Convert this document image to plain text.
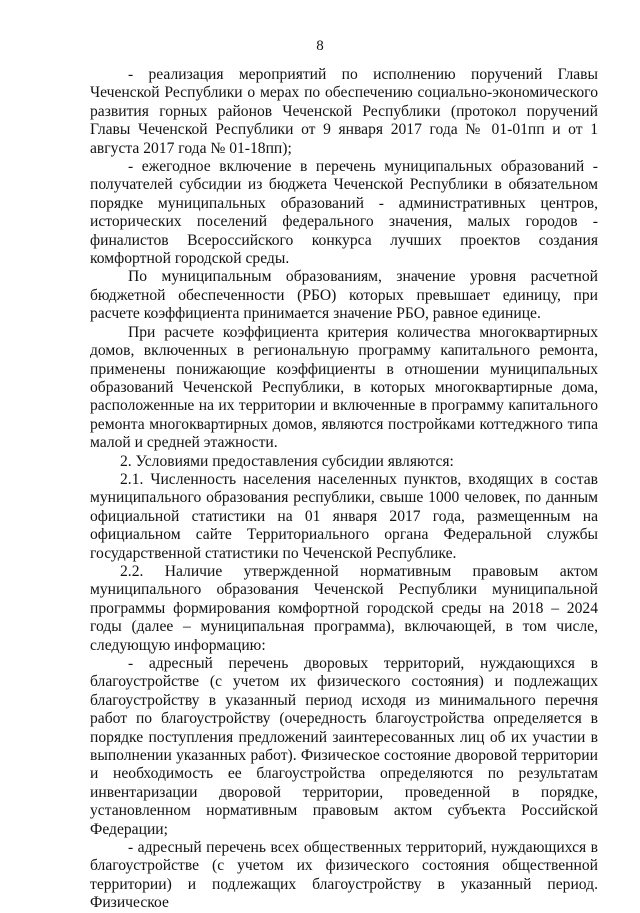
8

- реализация мероприятий по исполнению поручений Главы Чеченской Республики о мерах по обеспечению социально-экономического развития горных районов Чеченской Республики (протокол поручений Главы Чеченской Республики от 9 января 2017 года № 01-01пп и от 1 августа 2017 года № 01-18пп);

- ежегодное включение в перечень муниципальных образований - получателей субсидии из бюджета Чеченской Республики в обязательном порядке муниципальных образований - административных центров, исторических поселений федерального значения, малых городов - финалистов Всероссийского конкурса лучших проектов создания комфортной городской среды.

По муниципальным образованиям, значение уровня расчетной бюджетной обеспеченности (РБО) которых превышает единицу, при расчете коэффициента принимается значение РБО, равное единице.

При расчете коэффициента критерия количества многоквартирных домов, включенных в региональную программу капитального ремонта, применены понижающие коэффициенты в отношении муниципальных образований Чеченской Республики, в которых многоквартирные дома, расположенные на их территории и включенные в программу капитального ремонта многоквартирных домов, являются постройками коттеджного типа малой и средней этажности.

2. Условиями предоставления субсидии являются:

2.1. Численность населения населенных пунктов, входящих в состав муниципального образования республики, свыше 1000 человек, по данным официальной статистики на 01 января 2017 года, размещенным на официальном сайте Территориального органа Федеральной службы государственной статистики по Чеченской Республике.

2.2. Наличие утвержденной нормативным правовым актом муниципального образования Чеченской Республики муниципальной программы формирования комфортной городской среды на 2018 – 2024 годы (далее – муниципальная программа), включающей, в том числе, следующую информацию:

- адресный перечень дворовых территорий, нуждающихся в благоустройстве (с учетом их физического состояния) и подлежащих благоустройству в указанный период исходя из минимального перечня работ по благоустройству (очередность благоустройства определяется в порядке поступления предложений заинтересованных лиц об их участии в выполнении указанных работ). Физическое состояние дворовой территории и необходимость ее благоустройства определяются по результатам инвентаризации дворовой территории, проведенной в порядке, установленном нормативным правовым актом субъекта Российской Федерации;

- адресный перечень всех общественных территорий, нуждающихся в благоустройстве (с учетом их физического состояния общественной территории) и подлежащих благоустройству в указанный период. Физическое
